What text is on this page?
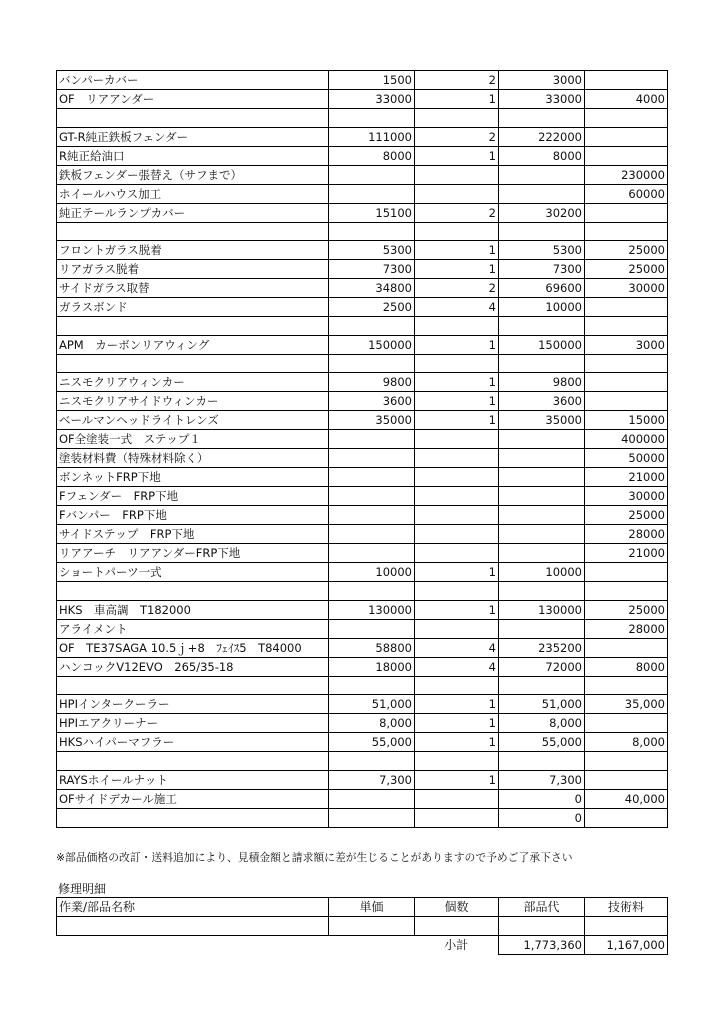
バンパーカバー	1500	2	3000	
OF　リアアンダー	33000	1	33000	4000

GT-R純正鉄板フェンダー	111000	2	222000	
R純正給油口	8000	1	8000	
鉄板フェンダー張替え（サフまで）				230000
ホイールハウス加工				60000
純正テールランプカバー	15100	2	30200	

フロントガラス脱着	5300	1	5300	25000
リアガラス脱着	7300	1	7300	25000
サイドガラス取替	34800	2	69600	30000
ガラスボンド	2500	4	10000	

APM　カーボンリアウィング	150000	1	150000	3000

ニスモクリアウィンカー	9800	1	9800	
ニスモクリアサイドウィンカー	3600	1	3600	
ベールマンヘッドライトレンズ	35000	1	35000	15000
OF全塗装一式　ステップ１				400000
塗装材料費（特殊材料除く）				50000
ボンネットFRP下地				21000
Fフェンダー　FRP下地				30000
Fバンパー　FRP下地				25000
サイドステップ　FRP下地				28000
リアアーチ　リアアンダーFRP下地				21000
ショートパーツ一式	10000	1	10000	

HKS　車高調　T182000	130000	1	130000	25000
アライメント				28000
OF　TE37SAGA 10.5ｊ+8　ﾌｪｲｽ5　T84000	58800	4	235200	
ハンコックV12EVO　265/35-18	18000	4	72000	8000

HPIインタークーラー	51,000	1	51,000	35,000
HPIエアクリーナー	8,000	1	8,000	
HKSハイパーマフラー	55,000	1	55,000	8,000

RAYSホイールナット	7,300	1	7,300	
OFサイドデカール施工			0	40,000
			0	
※部品価格の改訂・送料追加により、見積金額と請求額に差が生じることがありますので予めご了承下さい
修理明細
作業/部品名称	単価	個数	部品代	技術料

		小計	1,773,360	1,167,000
